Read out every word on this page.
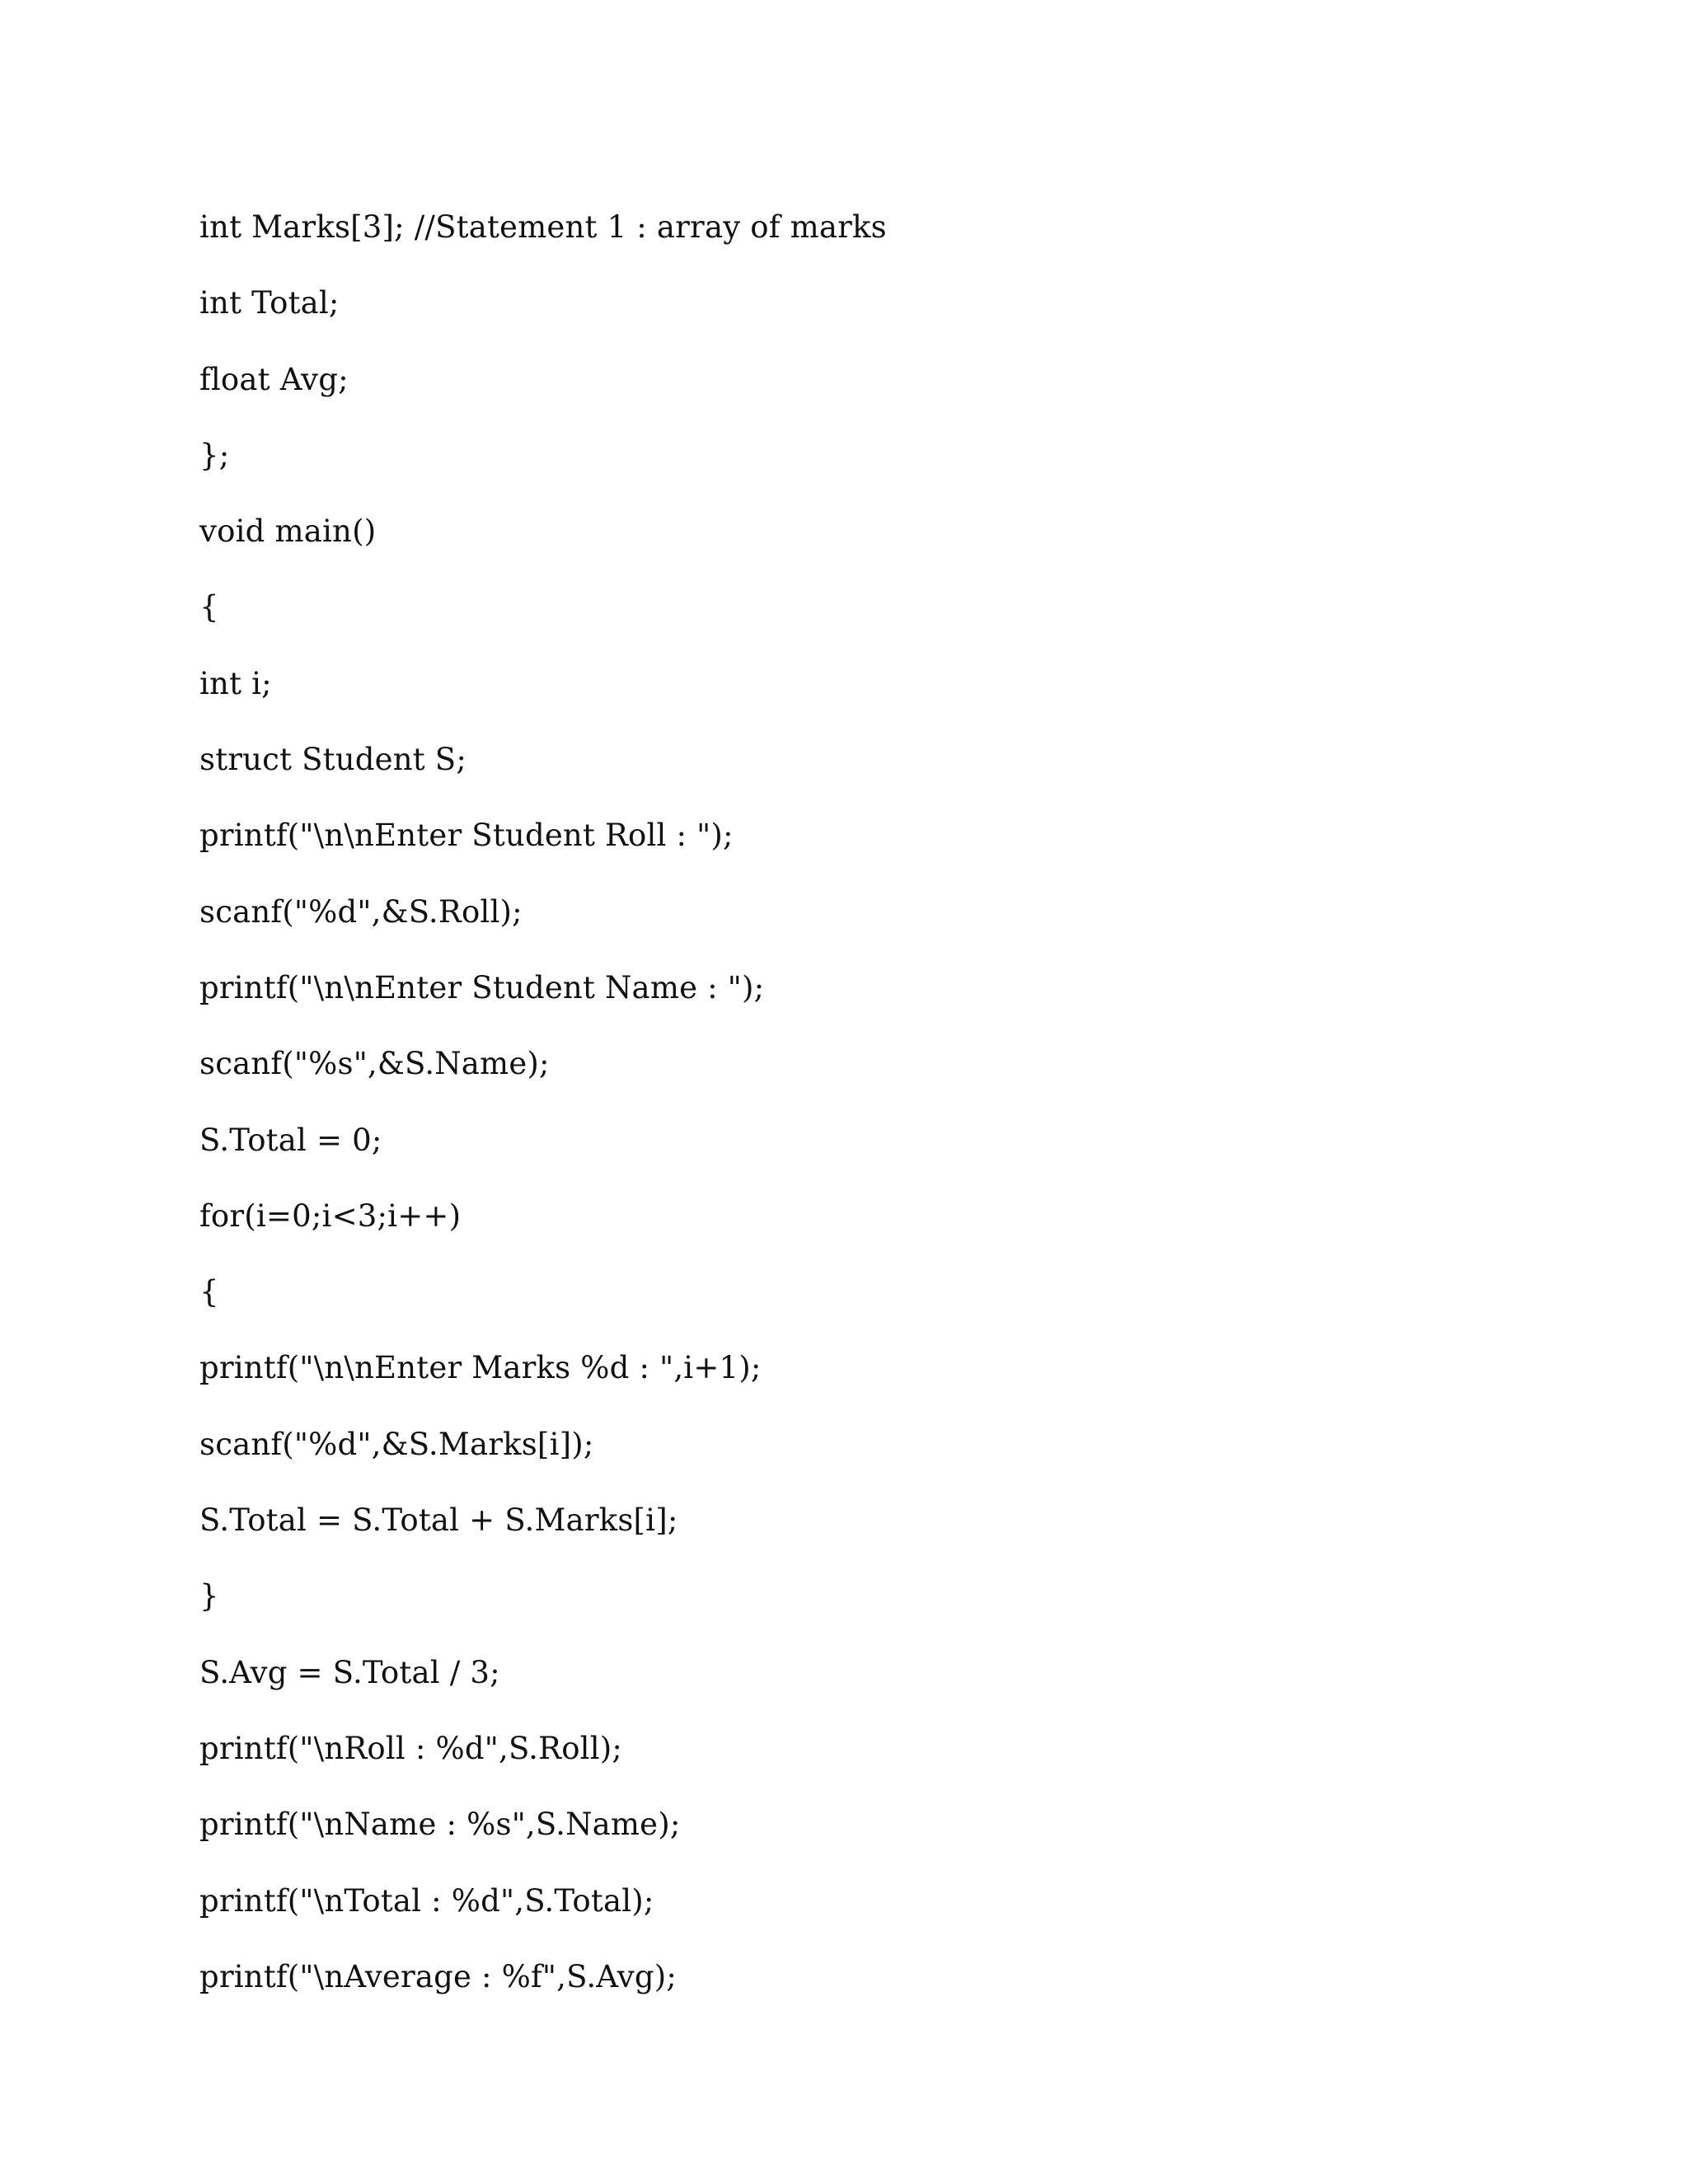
int Marks[3]; //Statement 1 : array of marks
int Total;
float Avg;
};
void main()
{
int i;
struct Student S;
printf("\n\nEnter Student Roll : ");
scanf("%d",&S.Roll);
printf("\n\nEnter Student Name : ");
scanf("%s",&S.Name);
S.Total = 0;
for(i=0;i<3;i++)
{
printf("\n\nEnter Marks %d : ",i+1);
scanf("%d",&S.Marks[i]);
S.Total = S.Total + S.Marks[i];
}
S.Avg = S.Total / 3;
printf("\nRoll : %d",S.Roll);
printf("\nName : %s",S.Name);
printf("\nTotal : %d",S.Total);
printf("\nAverage : %f",S.Avg);
